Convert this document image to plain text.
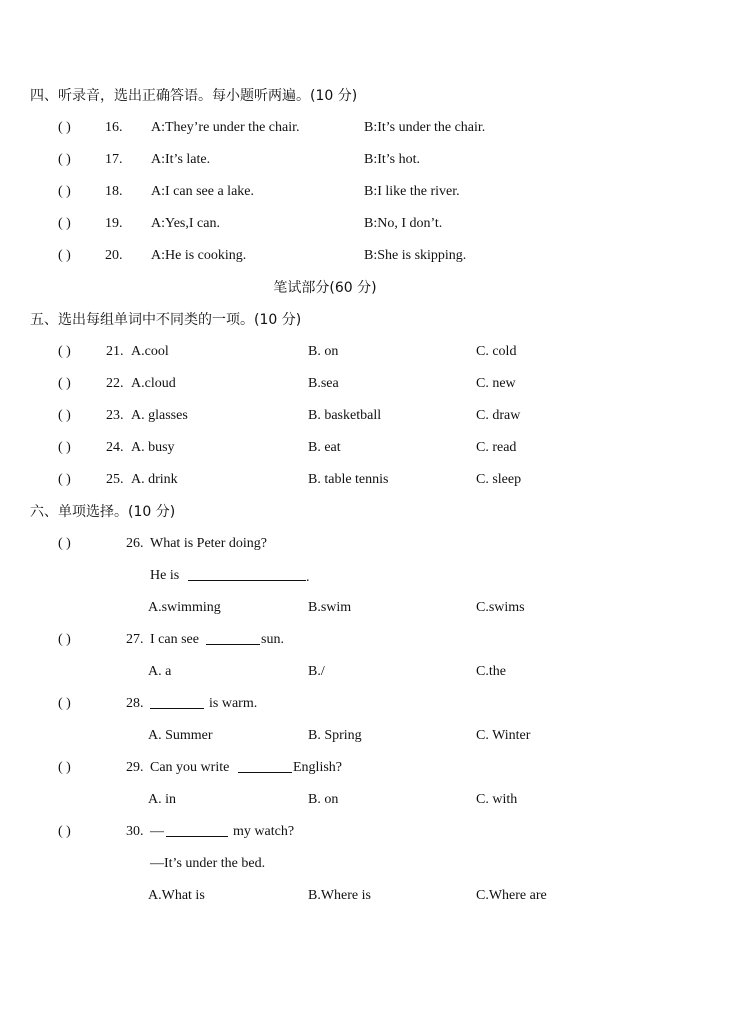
四、听录音，选出正确答语。每小题听两遍。(10 分)
( ) 16. A:They’re under the chair.	B:It’s under the chair.
( ) 17. A:It’s late.	B:It’s hot.
( ) 18. A:I can see a lake.	B:I like the river.
( ) 19. A:Yes,I can.	B:No, I don’t.
( ) 20. A:He is cooking.	B:She is skipping.
笔试部分(60 分)
五、选出每组单词中不同类的一项。(10 分)
( )	21. A.cool	B. on	C. cold
( )	22. A.cloud	B.sea	C. new
( )	23. A. glasses	B. basketball	C. draw
( )	24. A. busy	B. eat	C. read
( )	25. A. drink	B. table tennis	C. sleep
六、单项选择。(10 分)
( )	26. What is Peter doing?
He is	.
A.swimming	B.swim	C.swims
( )	27. I can see	sun.
A. a	B./	C.the
( )	28.	is warm.
A. Summer	B. Spring	C. Winter
( )	29. Can you write	English?
A. in	B. on	C. with
( )	30. —	my watch?
—It’s under the bed.
A.What is	B.Where is	C.Where are
